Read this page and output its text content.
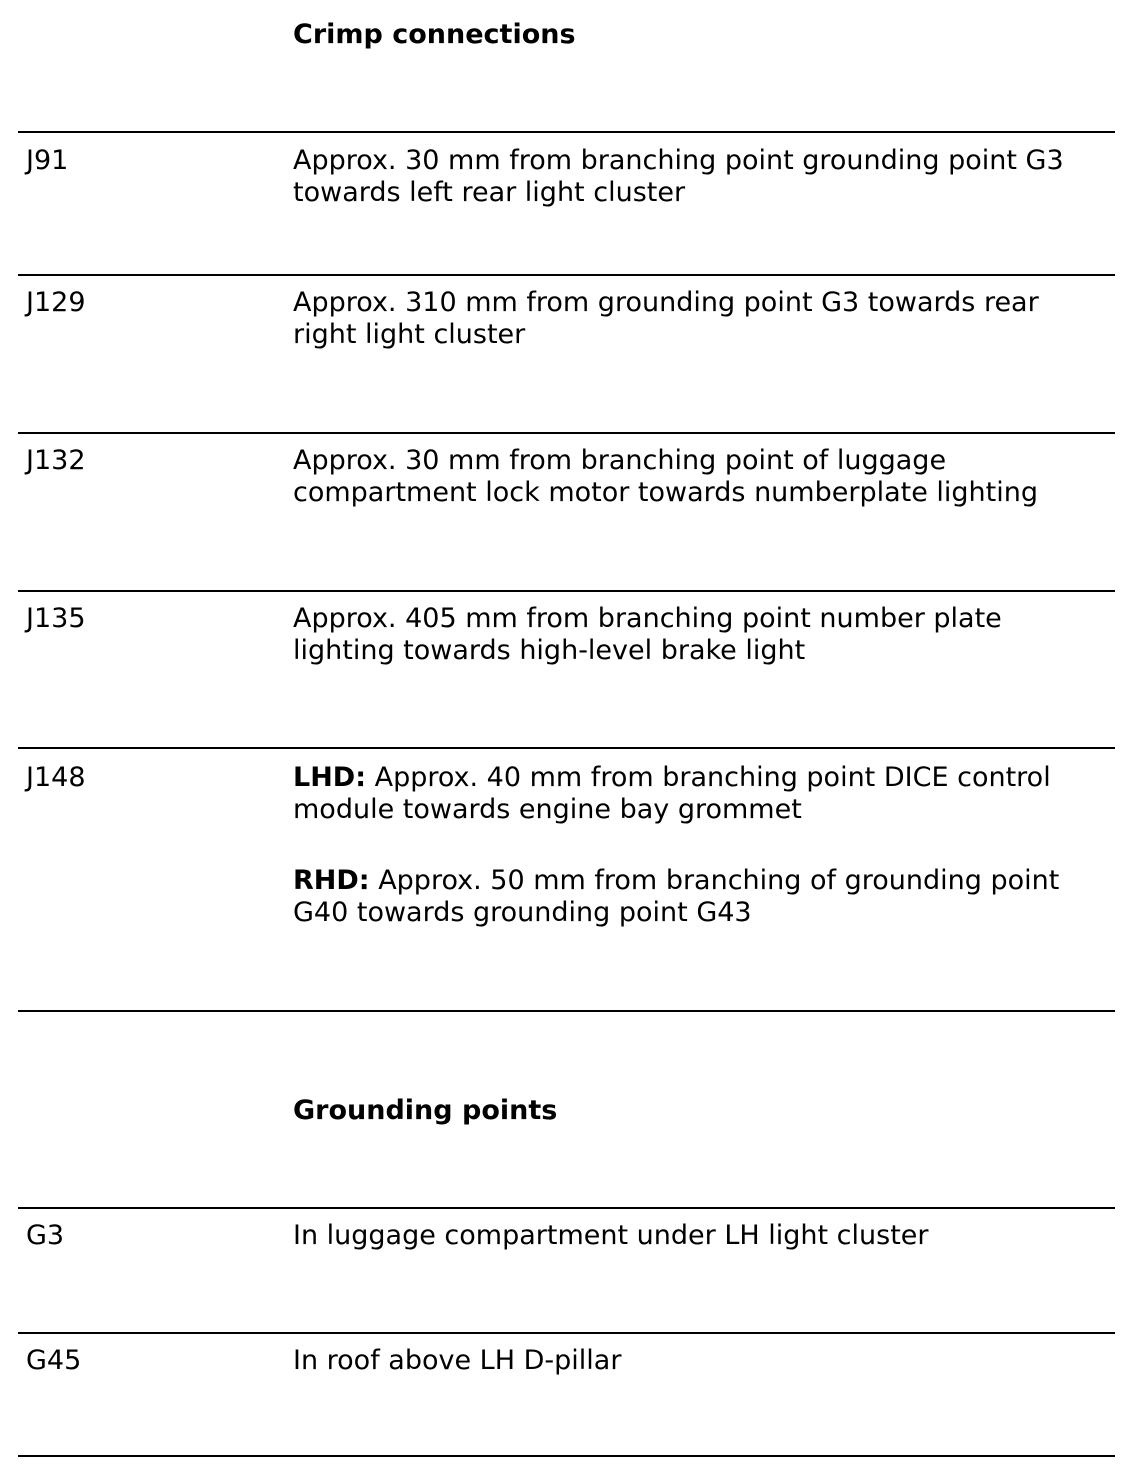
Crimp connections
J91	Approx. 30 mm from branching point grounding point G3 towards left rear light cluster
J129	Approx. 310 mm from grounding point G3 towards rear right light cluster
J132	Approx. 30 mm from branching point of luggage compartment lock motor towards numberplate lighting
J135	Approx. 405 mm from branching point number plate lighting towards high-level brake light
J148	LHD: Approx. 40 mm from branching point DICE control module towards engine bay grommet
RHD: Approx. 50 mm from branching of grounding point G40 towards grounding point G43
Grounding points
G3	In luggage compartment under LH light cluster
G45	In roof above LH D-pillar
